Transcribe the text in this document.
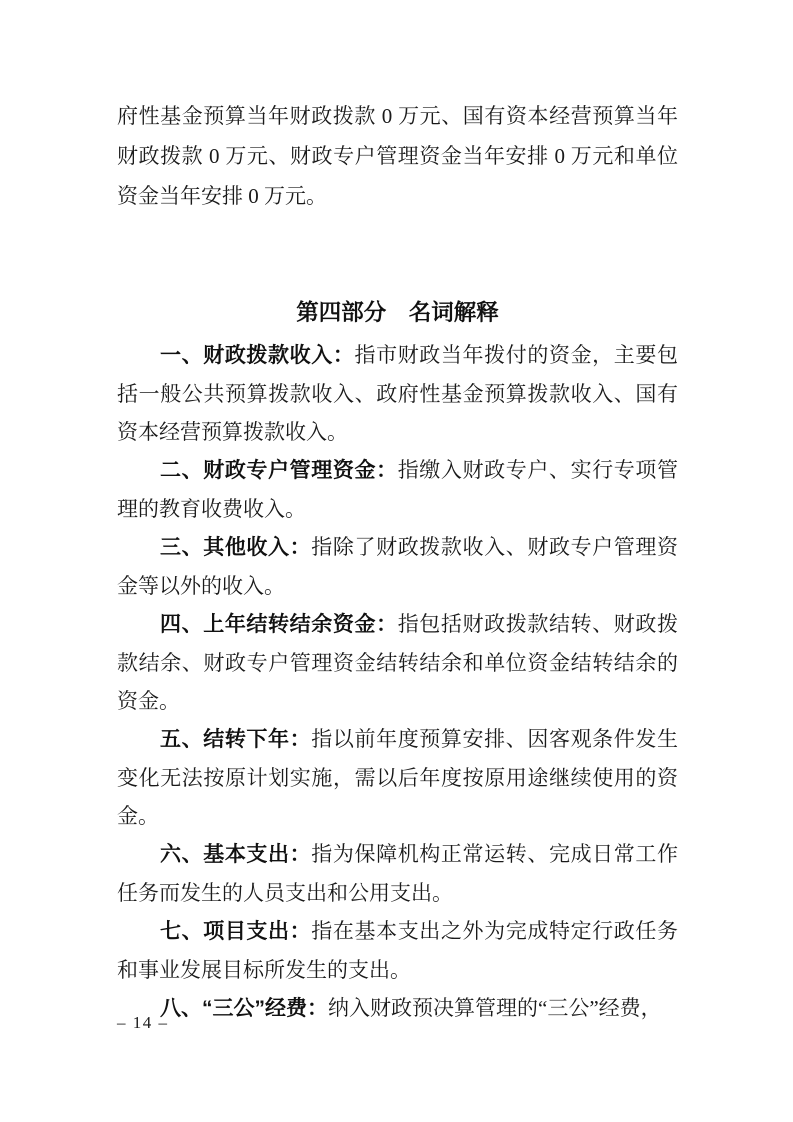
府性基金预算当年财政拨款 0 万元、国有资本经营预算当年财政拨款 0 万元、财政专户管理资金当年安排 0 万元和单位资金当年安排 0 万元。

第四部分　名词解释

一、财政拨款收入：指市财政当年拨付的资金，主要包括一般公共预算拨款收入、政府性基金预算拨款收入、国有资本经营预算拨款收入。

二、财政专户管理资金：指缴入财政专户、实行专项管理的教育收费收入。

三、其他收入：指除了财政拨款收入、财政专户管理资金等以外的收入。

四、上年结转结余资金：指包括财政拨款结转、财政拨款结余、财政专户管理资金结转结余和单位资金结转结余的资金。

五、结转下年：指以前年度预算安排、因客观条件发生变化无法按原计划实施，需以后年度按原用途继续使用的资金。

六、基本支出：指为保障机构正常运转、完成日常工作任务而发生的人员支出和公用支出。

七、项目支出：指在基本支出之外为完成特定行政任务和事业发展目标所发生的支出。

八、“三公”经费：纳入财政预决算管理的“三公”经费，

– 14 –
